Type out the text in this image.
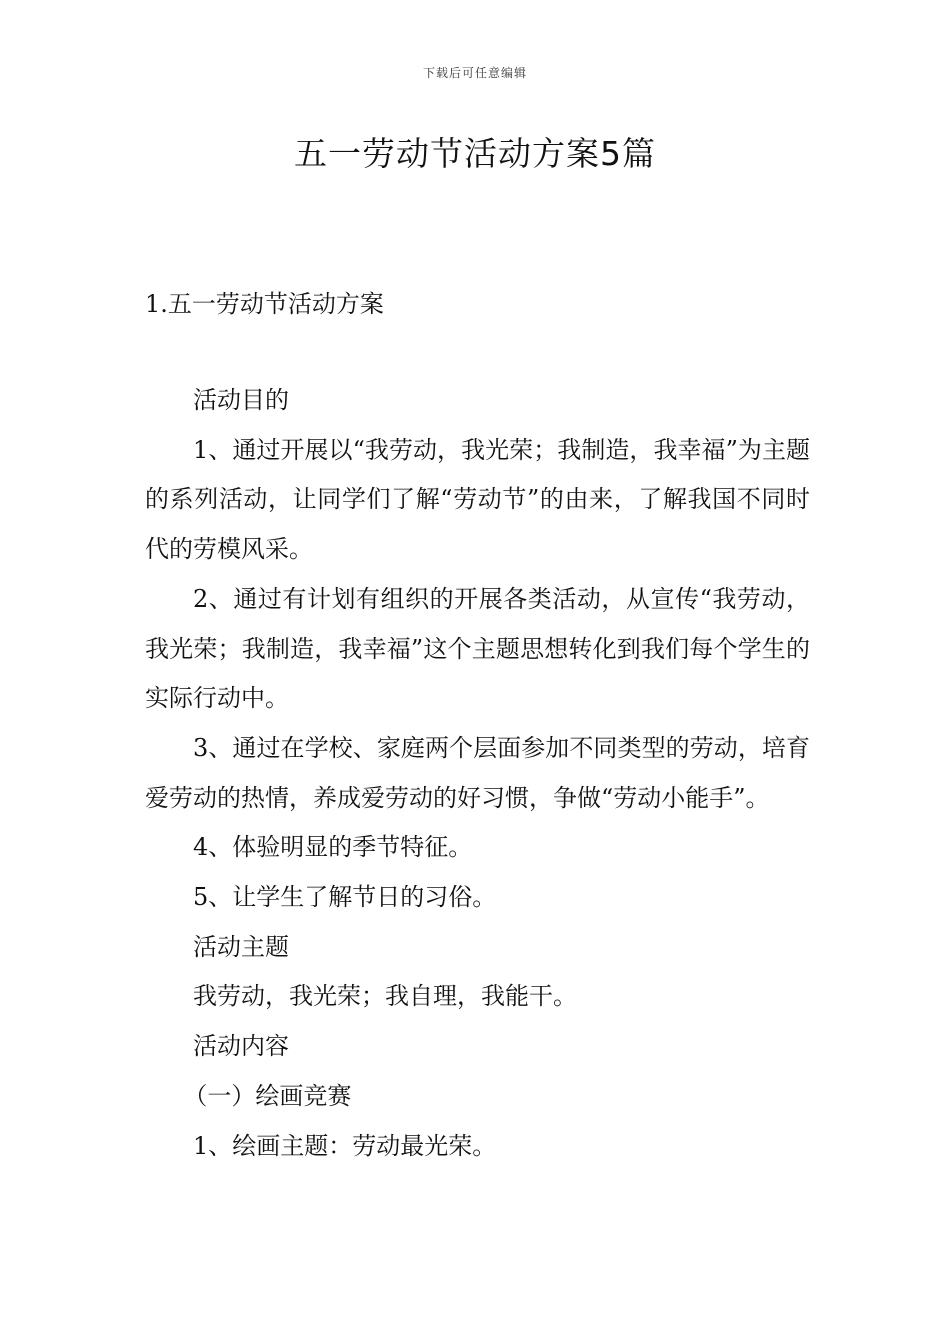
下载后可任意编辑
五一劳动节活动方案5篇
1.五一劳动节活动方案

活动目的

1、通过开展以“我劳动，我光荣；我制造，我幸福”为主题的系列活动，让同学们了解“劳动节”的由来，了解我国不同时代的劳模风采。

2、通过有计划有组织的开展各类活动，从宣传“我劳动，我光荣；我制造，我幸福”这个主题思想转化到我们每个学生的实际行动中。

3、通过在学校、家庭两个层面参加不同类型的劳动，培育爱劳动的热情，养成爱劳动的好习惯，争做“劳动小能手”。

4、体验明显的季节特征。

5、让学生了解节日的习俗。

活动主题

我劳动，我光荣；我自理，我能干。

活动内容

（一）绘画竞赛

1、绘画主题：劳动最光荣。
